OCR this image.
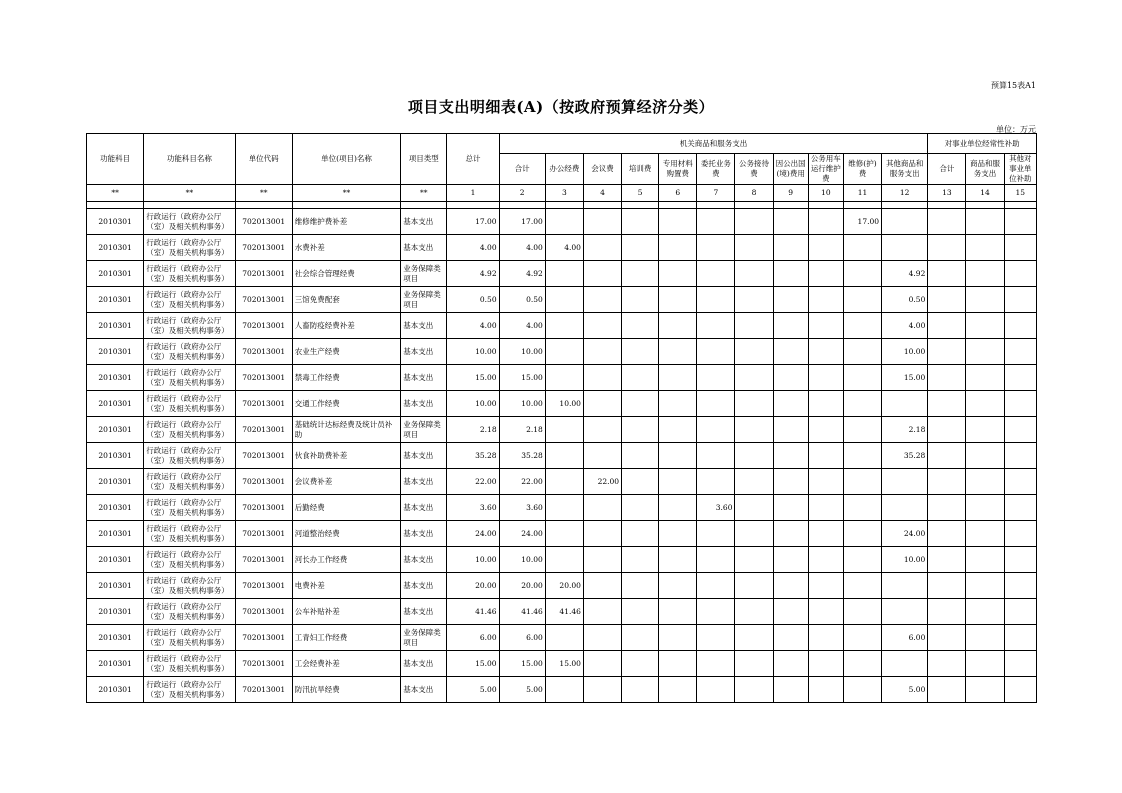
预算15表A1
项目支出明细表(A)（按政府预算经济分类）
单位：万元
功能科目	功能科目名称	单位代码	单位(项目)名称	项目类型	总计	机关商品和服务支出											对事业单位经常性补助		
						合计	办公经费	会议费	培训费	专用材料购置费	委托业务费	公务接待费	因公出国(境)费用	公务用车运行维护费	维修(护)费	其他商品和服务支出	合计	商品和服务支出	其他对事业单位补助
**	**	**	**	**	1	2	3	4	5	6	7	8	9	10	11	12	13	14	15

2010301	行政运行（政府办公厅（室）及相关机构事务）	702013001	维修维护费补差	基本支出	17.00	17.00									17.00				
2010301	行政运行（政府办公厅（室）及相关机构事务）	702013001	水费补差	基本支出	4.00	4.00	4.00												
2010301	行政运行（政府办公厅（室）及相关机构事务）	702013001	社会综合管理经费	业务保障类项目	4.92	4.92										4.92			
2010301	行政运行（政府办公厅（室）及相关机构事务）	702013001	三馆免费配套	业务保障类项目	0.50	0.50										0.50			
2010301	行政运行（政府办公厅（室）及相关机构事务）	702013001	人畜防疫经费补差	基本支出	4.00	4.00										4.00			
2010301	行政运行（政府办公厅（室）及相关机构事务）	702013001	农业生产经费	基本支出	10.00	10.00										10.00			
2010301	行政运行（政府办公厅（室）及相关机构事务）	702013001	禁毒工作经费	基本支出	15.00	15.00										15.00			
2010301	行政运行（政府办公厅（室）及相关机构事务）	702013001	交通工作经费	基本支出	10.00	10.00	10.00												
2010301	行政运行（政府办公厅（室）及相关机构事务）	702013001	基础统计达标经费及统计员补助	业务保障类项目	2.18	2.18										2.18			
2010301	行政运行（政府办公厅（室）及相关机构事务）	702013001	伙食补助费补差	基本支出	35.28	35.28										35.28			
2010301	行政运行（政府办公厅（室）及相关机构事务）	702013001	会议费补差	基本支出	22.00	22.00		22.00											
2010301	行政运行（政府办公厅（室）及相关机构事务）	702013001	后勤经费	基本支出	3.60	3.60					3.60								
2010301	行政运行（政府办公厅（室）及相关机构事务）	702013001	河道整治经费	基本支出	24.00	24.00										24.00			
2010301	行政运行（政府办公厅（室）及相关机构事务）	702013001	河长办工作经费	基本支出	10.00	10.00										10.00			
2010301	行政运行（政府办公厅（室）及相关机构事务）	702013001	电费补差	基本支出	20.00	20.00	20.00												
2010301	行政运行（政府办公厅（室）及相关机构事务）	702013001	公车补贴补差	基本支出	41.46	41.46	41.46												
2010301	行政运行（政府办公厅（室）及相关机构事务）	702013001	工青妇工作经费	业务保障类项目	6.00	6.00										6.00			
2010301	行政运行（政府办公厅（室）及相关机构事务）	702013001	工会经费补差	基本支出	15.00	15.00	15.00												
2010301	行政运行（政府办公厅（室）及相关机构事务）	702013001	防汛抗旱经费	基本支出	5.00	5.00										5.00			
